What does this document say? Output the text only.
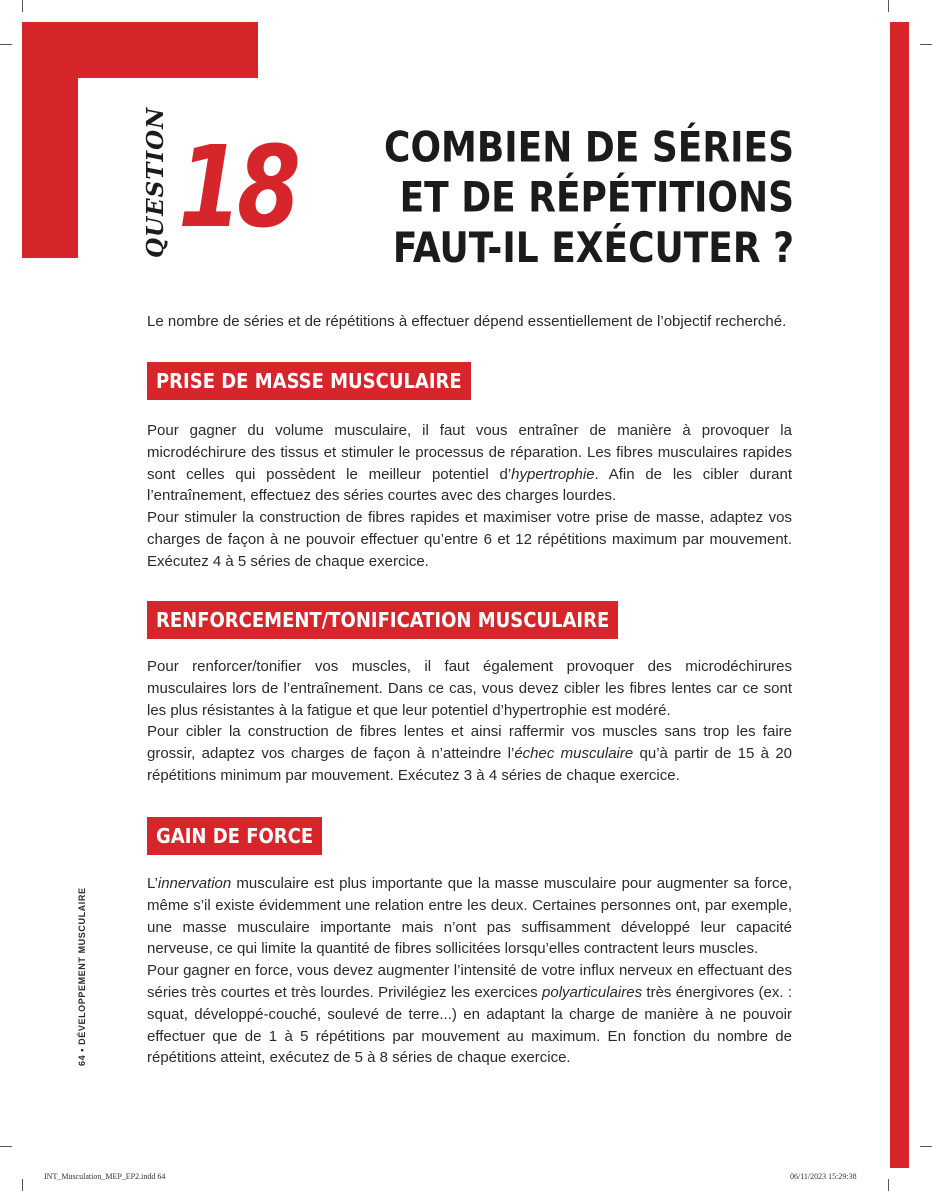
QUESTION 18 COMBIEN DE SÉRIES
ET DE RÉPÉTITIONS
FAUT-IL EXÉCUTER ?
Le nombre de séries et de répétitions à effectuer dépend essentiellement de l’objectif recherché.
PRISE DE MASSE MUSCULAIRE

Pour gagner du volume musculaire, il faut vous entraîner de manière à provoquer la microdéchirure des tissus et stimuler le processus de réparation. Les fibres musculaires rapides sont celles qui possèdent le meilleur potentiel d’hypertrophie. Afin de les cibler durant l’entraînement, effectuez des séries courtes avec des charges lourdes.

Pour stimuler la construction de fibres rapides et maximiser votre prise de masse, adaptez vos charges de façon à ne pouvoir effectuer qu’entre 6 et 12 répétitions maximum par mouvement. Exécutez 4 à 5 séries de chaque exercice.

RENFORCEMENT/TONIFICATION MUSCULAIRE

Pour renforcer/tonifier vos muscles, il faut également provoquer des microdéchirures musculaires lors de l’entraînement. Dans ce cas, vous devez cibler les fibres lentes car ce sont les plus résistantes à la fatigue et que leur potentiel d’hypertrophie est modéré.

Pour cibler la construction de fibres lentes et ainsi raffermir vos muscles sans trop les faire grossir, adaptez vos charges de façon à n’atteindre l’échec musculaire qu’à partir de 15 à 20 répétitions minimum par mouvement. Exécutez 3 à 4 séries de chaque exercice.

GAIN DE FORCE

L’innervation musculaire est plus importante que la masse musculaire pour augmenter sa force, même s’il existe évidemment une relation entre les deux. Certaines personnes ont, par exemple, une masse musculaire importante mais n’ont pas suffisamment développé leur capacité nerveuse, ce qui limite la quantité de fibres sollicitées lorsqu’elles contractent leurs muscles.

Pour gagner en force, vous devez augmenter l’intensité de votre influx nerveux en effectuant des séries très courtes et très lourdes. Privilégiez les exercices polyarticulaires très énergivores (ex. : squat, développé-couché, soulevé de terre...) en adaptant la charge de manière à ne pouvoir effectuer que de 1 à 5 répétitions par mouvement au maximum. En fonction du nombre de répétitions atteint, exécutez de 5 à 8 séries de chaque exercice.

64 • DÉVELOPPEMENT MUSCULAIRE
INT_Musculation_MEP_EP2.indd 64	06/11/2023 15:29:38
